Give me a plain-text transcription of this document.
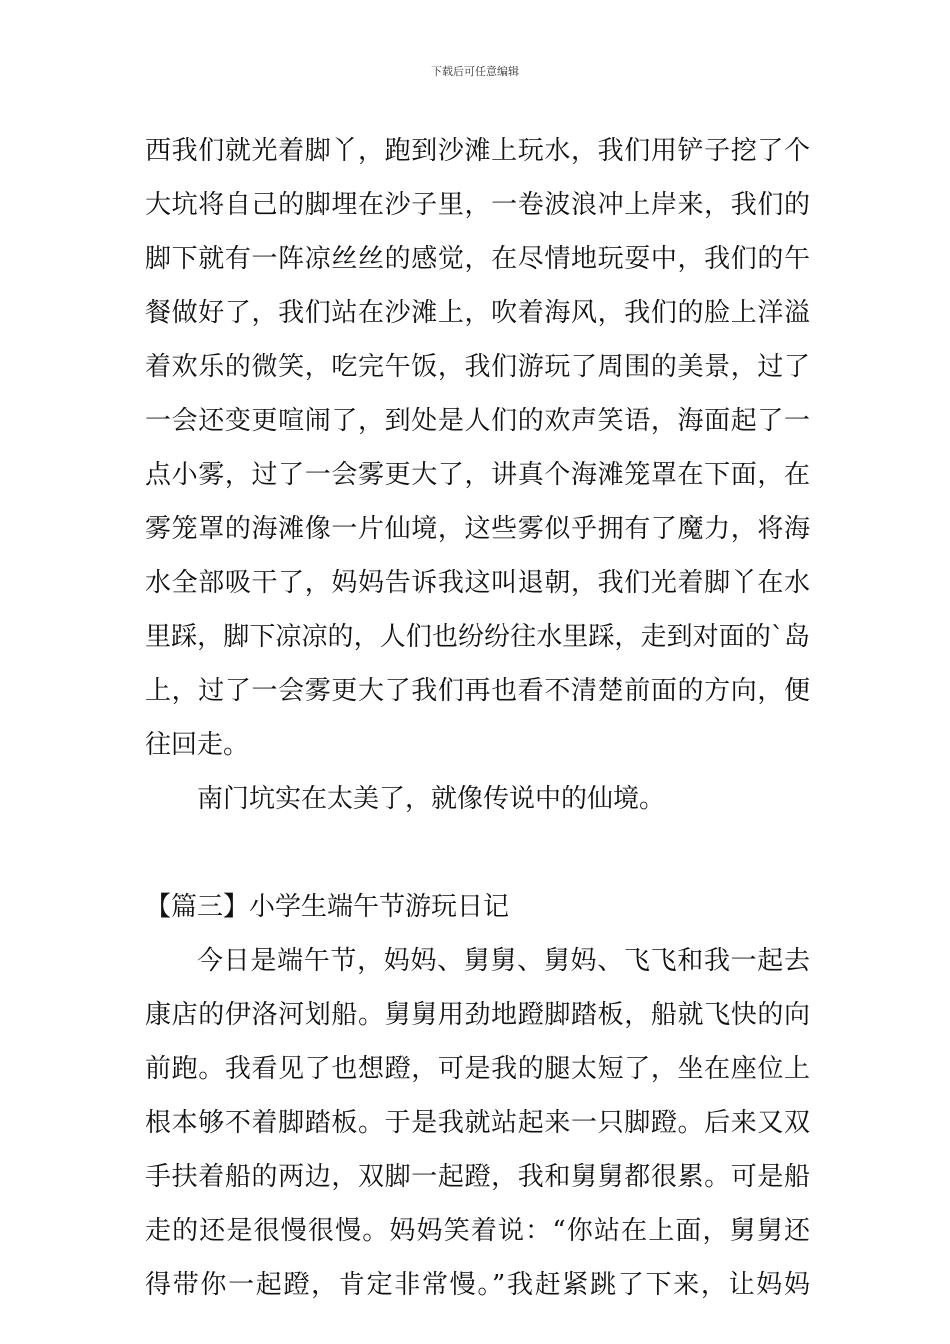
下载后可任意编辑
西我们就光着脚丫，跑到沙滩上玩水，我们用铲子挖了个
大坑将自己的脚埋在沙子里，一卷波浪冲上岸来，我们的
脚下就有一阵凉丝丝的感觉，在尽情地玩耍中，我们的午
餐做好了，我们站在沙滩上，吹着海风，我们的脸上洋溢
着欢乐的微笑，吃完午饭，我们游玩了周围的美景，过了
一会还变更喧闹了，到处是人们的欢声笑语，海面起了一
点小雾，过了一会雾更大了，讲真个海滩笼罩在下面，在
雾笼罩的海滩像一片仙境，这些雾似乎拥有了魔力，将海
水全部吸干了，妈妈告诉我这叫退朝，我们光着脚丫在水
里踩，脚下凉凉的，人们也纷纷往水里踩，走到对面的`岛
上，过了一会雾更大了我们再也看不清楚前面的方向，便
往回走。
南门坑实在太美了，就像传说中的仙境。
【篇三】小学生端午节游玩日记
今日是端午节，妈妈、舅舅、舅妈、飞飞和我一起去
康店的伊洛河划船。舅舅用劲地蹬脚踏板，船就飞快的向
前跑。我看见了也想蹬，可是我的腿太短了，坐在座位上
根本够不着脚踏板。于是我就站起来一只脚蹬。后来又双
手扶着船的两边，双脚一起蹬，我和舅舅都很累。可是船
走的还是很慢很慢。妈妈笑着说：“你站在上面，舅舅还
得带你一起蹬，肯定非常慢。”我赶紧跳了下来，让妈妈
